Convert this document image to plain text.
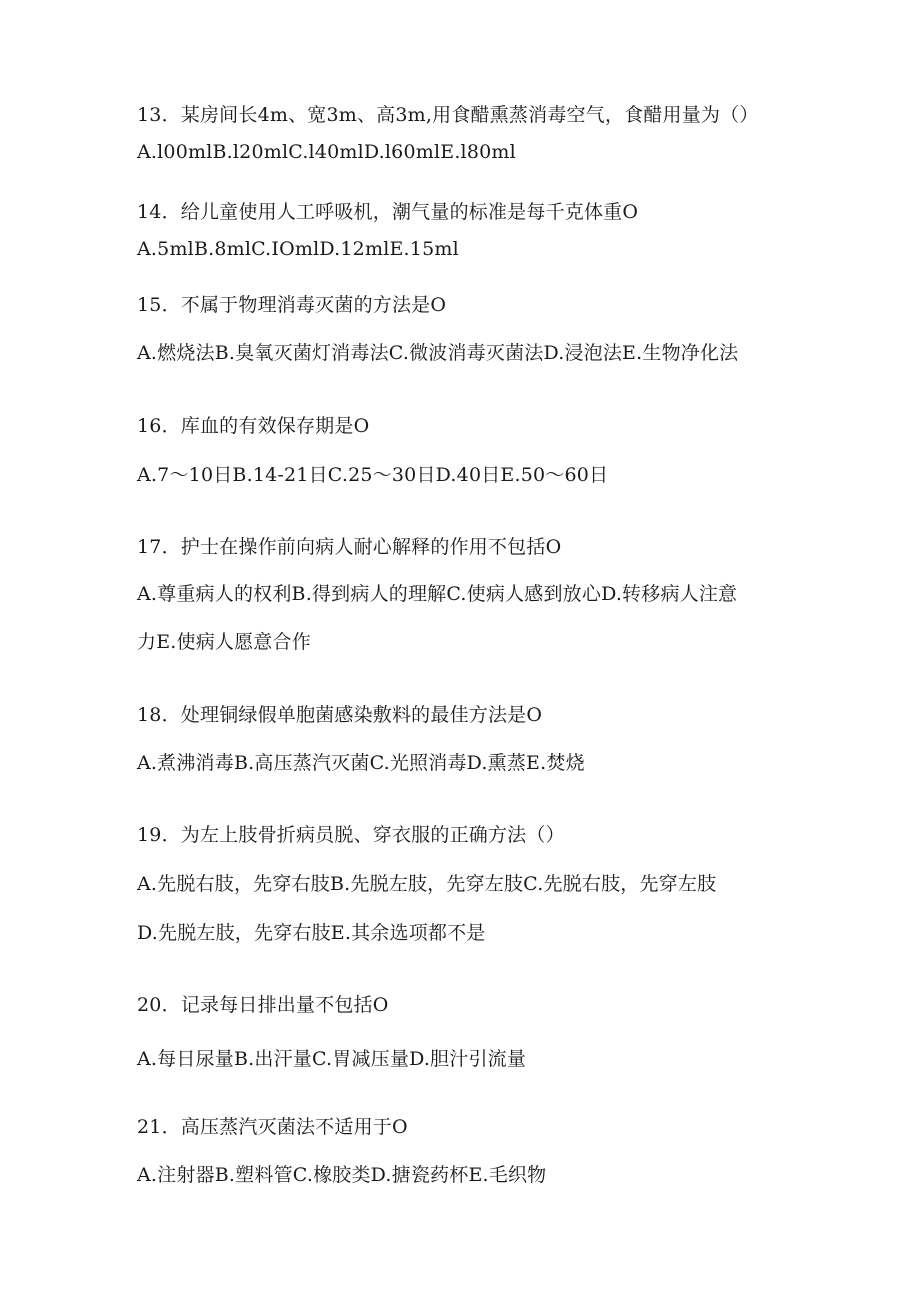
13．某房间长4m、宽3m、高3m,用食醋熏蒸消毒空气，食醋用量为（）
A.l00mlB.l20mlC.l40mlD.l60mlE.l80ml
14．给儿童使用人工呼吸机，潮气量的标准是每千克体重O
A.5mlB.8mlC.IOmlD.12mlE.15ml
15．不属于物理消毒灭菌的方法是O
A.燃烧法B.臭氧灭菌灯消毒法C.微波消毒灭菌法D.浸泡法E.生物净化法
16．库血的有效保存期是O
A.7～10日B.14-21日C.25～30日D.40日E.50～60日
17．护士在操作前向病人耐心解释的作用不包括O
A.尊重病人的权利B.得到病人的理解C.使病人感到放心D.转移病人注意
力E.使病人愿意合作
18．处理铜绿假单胞菌感染敷料的最佳方法是O
A.煮沸消毒B.高压蒸汽灭菌C.光照消毒D.熏蒸E.焚烧
19．为左上肢骨折病员脱、穿衣服的正确方法（）
A.先脱右肢，先穿右肢B.先脱左肢，先穿左肢C.先脱右肢，先穿左肢
D.先脱左肢，先穿右肢E.其余选项都不是
20．记录每日排出量不包括O
A.每日尿量B.出汗量C.胃减压量D.胆汁引流量
21．高压蒸汽灭菌法不适用于O
A.注射器B.塑料管C.橡胶类D.搪瓷药杯E.毛织物
